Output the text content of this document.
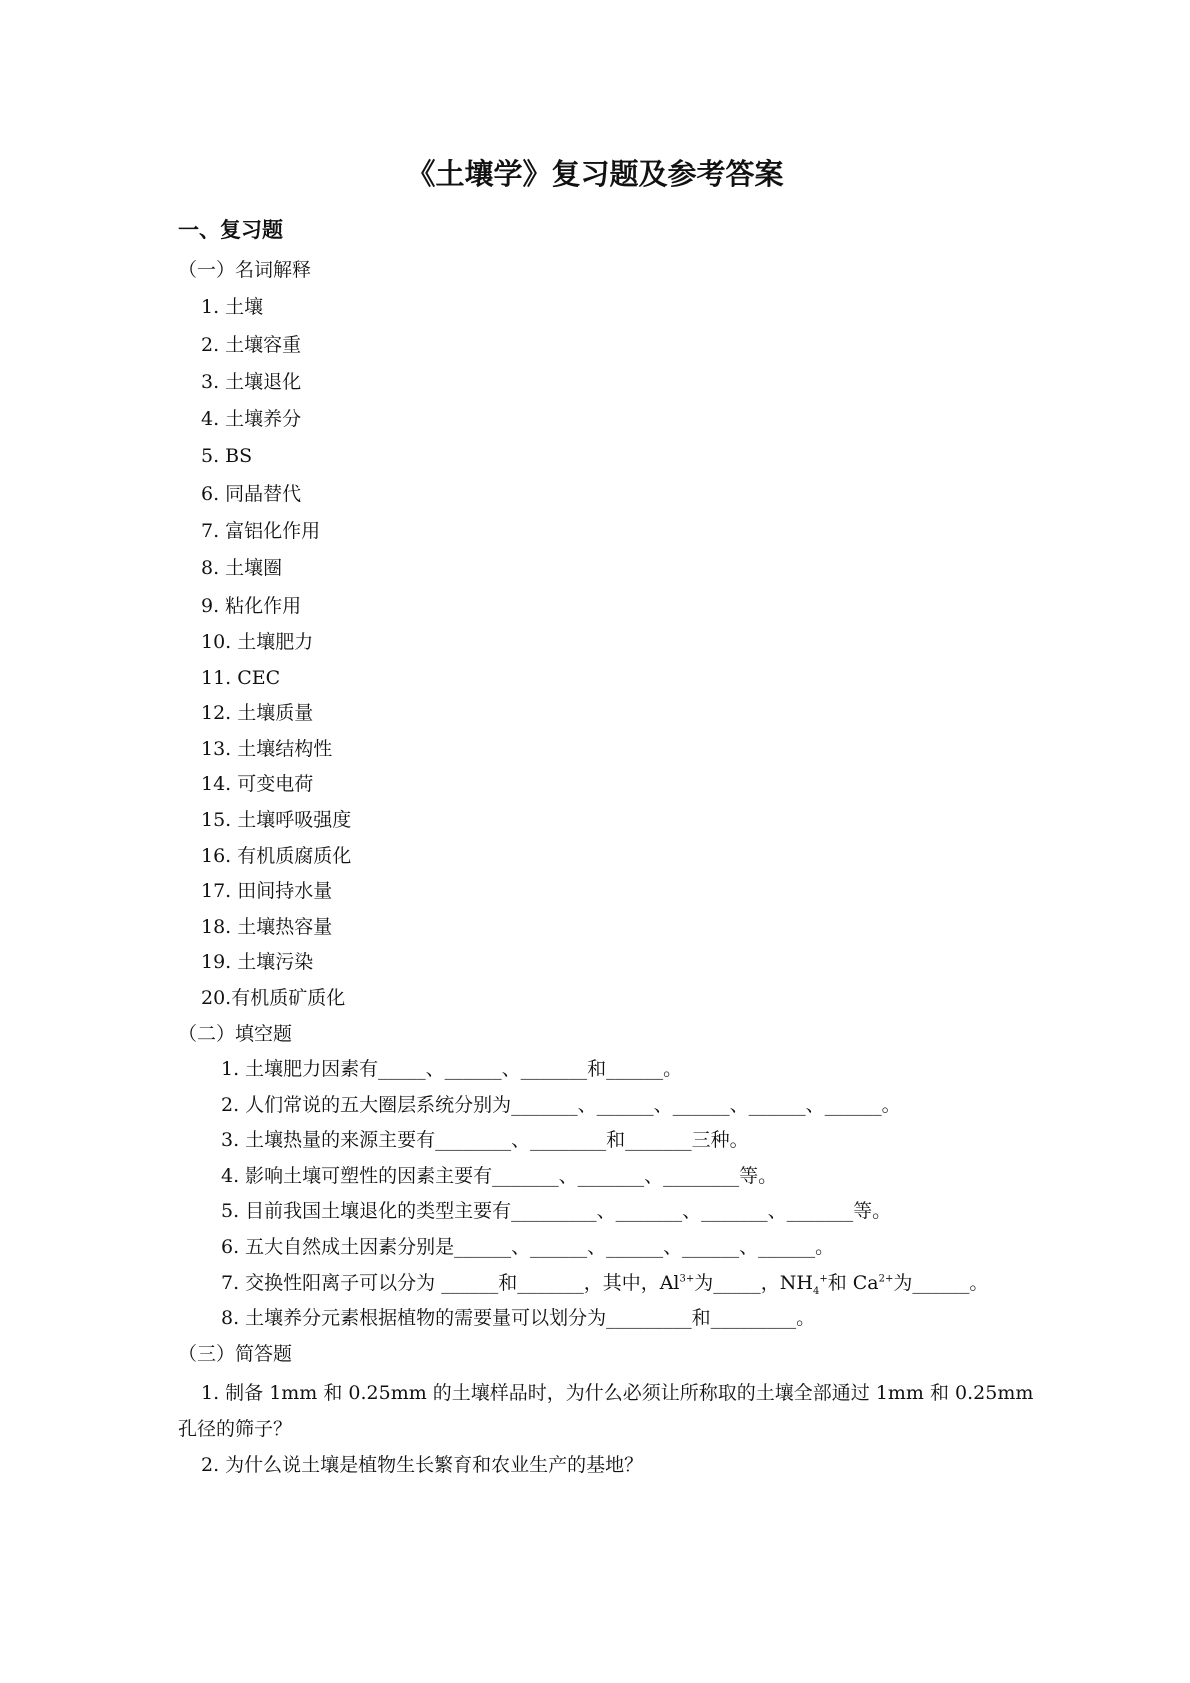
《土壤学》复习题及参考答案
一、复习题
（一）名词解释
1. 土壤
2. 土壤容重
3. 土壤退化
4. 土壤养分
5. BS
6. 同晶替代
7. 富铝化作用
8. 土壤圈
9. 粘化作用
10. 土壤肥力
11. CEC
12. 土壤质量
13. 土壤结构性
14. 可变电荷
15. 土壤呼吸强度
16. 有机质腐质化
17. 田间持水量
18. 土壤热容量
19. 土壤污染
20.有机质矿质化
（二）填空题
1. 土壤肥力因素有_____、______、_______和______。
2. 人们常说的五大圈层系统分别为_______、______、______、______、______。
3. 土壤热量的来源主要有________、________和_______三种。
4. 影响土壤可塑性的因素主要有_______、_______、________等。
5. 目前我国土壤退化的类型主要有_________、_______、_______、_______等。
6. 五大自然成土因素分别是______、______、______、______、______。
7. 交换性阳离子可以分为 ______和_______，其中，$Al^{3+}$为_____，$NH_4^+$和 $Ca^{2+}$为______。
8. 土壤养分元素根据植物的需要量可以划分为_________和_________。
（三）简答题
1. 制备 1mm 和 0.25mm 的土壤样品时，为什么必须让所称取的土壤全部通过 1mm 和 0.25mm
孔径的筛子？
2. 为什么说土壤是植物生长繁育和农业生产的基地？
